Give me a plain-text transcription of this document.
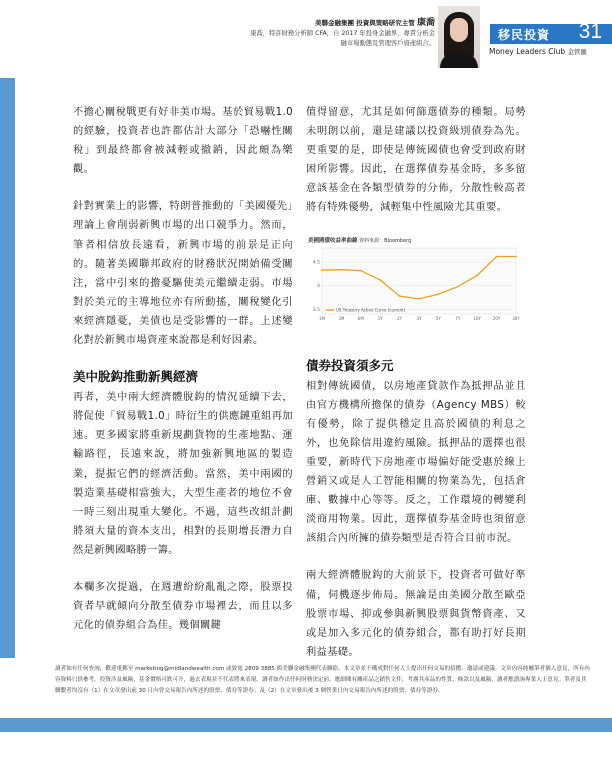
美聯金融集團 投資與策略研究主管 康喬
康喬，特許財務分析師 CFA，自 2017 年投身金融界，專責分析金融市場動態及管理客戶資產組合。
移民投資 31
Money Leaders Club 金管匯

不擔心關稅戰更有好非美市場。基於貿易戰1.0的經驗，投資者也許都估計大部分「恐嚇性關稅」到最終都會被減輕或撤銷，因此頗為樂觀。

針對實業上的影響，特朗普推動的「美國優先」理論上會削弱新興市場的出口競爭力。然而，筆者相信放長遠看，新興市場的前景是正向的。隨著美國聯邦政府的財務狀況開始備受關注，當中引來的擔憂驅使美元繼續走弱。市場對於美元的主導地位亦有所動搖，關稅變化引來經濟隱憂，美債也是受影響的一群。上述變化對於新興市場資產來說都是利好因素。

美中脫鈎推動新興經濟

再者，美中兩大經濟體脫鈎的情況延續下去，將促使「貿易戰1.0」時衍生的供應鏈重組再加速。更多國家將重新規劃貨物的生產地點、運輸路徑，長遠來說，將加強新興地區的製造業，提振它們的經濟活動。當然，美中兩國的製造業基礎相當強大，大型生產者的地位不會一時三刻出現重大變化。不過，這些改組計劃將須大量的資本支出，相對的長期增長潛力自然是新興國略勝一籌。

本欄多次提過，在週遭紛紛亂亂之際，股票投資者早就傾向分散至債券市場裡去，而且以多元化的債券組合為佳。幾個關鍵

值得留意，尤其是如何篩選債券的種類。局勢未明朗以前，還是建議以投資級別債券為先。更重要的是，即使是傳統國債也會受到政府財困所影響。因此，在選擇債券基金時，多多留意該基金在各類型債券的分佈，分散性較高者將有特殊優勢，減輕集中性風險尤其重要。

債券投資須多元

相對傳統國債，以房地產貸款作為抵押品並且由官方機構所擔保的債券（Agency MBS）較有優勢，除了提供穩定且高於國債的利息之外，也免除信用違約風險。抵押品的選擇也很重要，新時代下房地產市場偏好能受惠於線上營銷又或是人工智能相關的物業為先，包括倉庫、數據中心等等。反之，工作環境的轉變利淡商用物業。因此，選擇債券基金時也須留意該組合內所擁的債券類型是否符合目前市況。

兩大經濟體脫鈎的大前景下，投資者可做好準備，伺機逐步佈局。無論是由美國分散至歐亞股票市場、抑或參與新興股票與貨幣資產、又或是加入多元化的債券組合，都有助打好長期利益基礎。

美國國債收益率曲線 資料來源：Bloomberg
4.5
4
3.5
1M	3M	6M	1Y	2Y	3Y	5Y	7Y	10Y	20Y	30Y
US Treasury Active Curve (current)
讀者如有任何查詢，歡迎電郵至 marketing@midlandwealth.com 或致電 2809 3885 與美聯金融集團代表聯絡。本文章並不構成對任何人士提出任何交易的招攬、邀請或建議。文章內容純屬筆者個人意見，所有內容資料只供參考。投資涉及風險，基金價格可跌可升，過去表現並不代表將來表現。讀者如作出任何財務決定前，應細閱有關產品之銷售文件，考慮其產品的性質、條款以及風險，讀者應諮詢專業人士意見。筆者及其聯繫者均沒有（1）在文章發出前 30 日內曾交易報告內所述的股票、債券等證券；及（2）在文章發出後 3 個營業日內交易報告內所述的股票、債券等證券。
